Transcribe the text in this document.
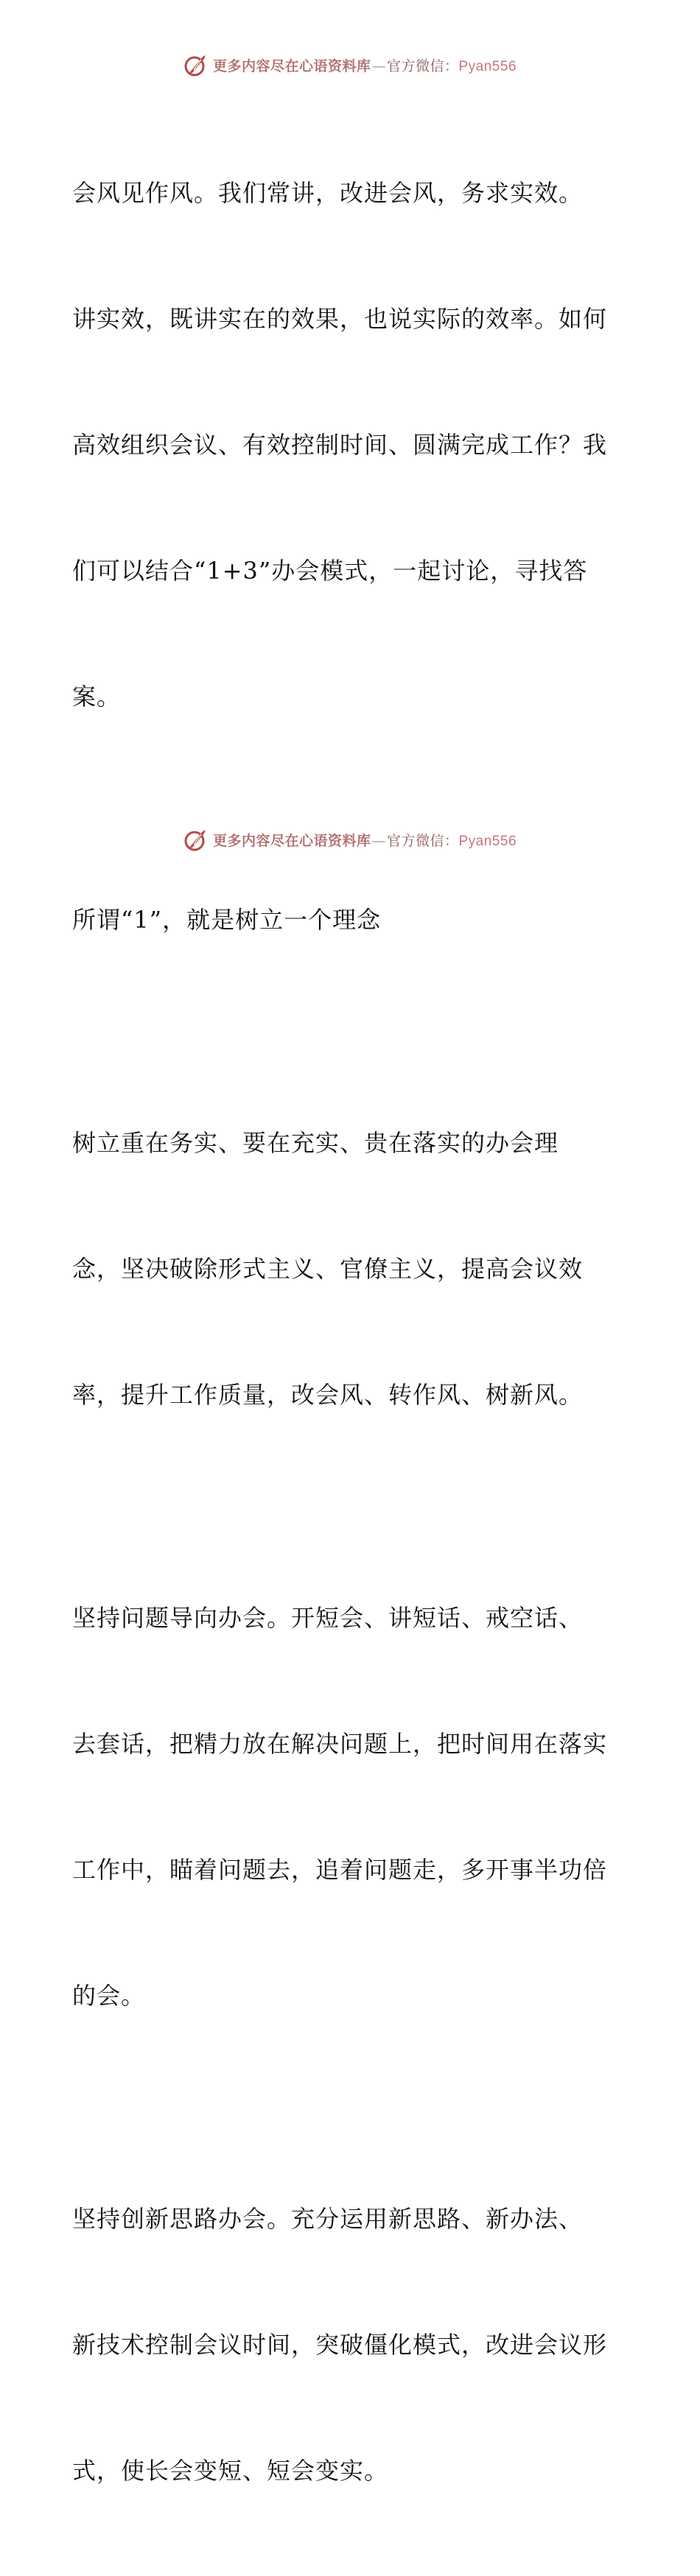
更多内容尽在心语资料库—官方微信：Pyan556

会风见作风。我们常讲，改进会风，务求实效。

讲实效，既讲实在的效果，也说实际的效率。如何

高效组织会议、有效控制时间、圆满完成工作？我

们可以结合“1+3”办会模式，一起讨论，寻找答

案。

所谓“1”，就是树立一个理念

树立重在务实、要在充实、贵在落实的办会理

念，坚决破除形式主义、官僚主义，提高会议效

率，提升工作质量，改会风、转作风、树新风。

坚持问题导向办会。开短会、讲短话、戒空话、

去套话，把精力放在解决问题上，把时间用在落实

工作中，瞄着问题去，追着问题走，多开事半功倍

的会。

坚持创新思路办会。充分运用新思路、新办法、

新技术控制会议时间，突破僵化模式，改进会议形

式，使长会变短、短会变实。

更多内容尽在心语资料库—官方微信：Pyan556
